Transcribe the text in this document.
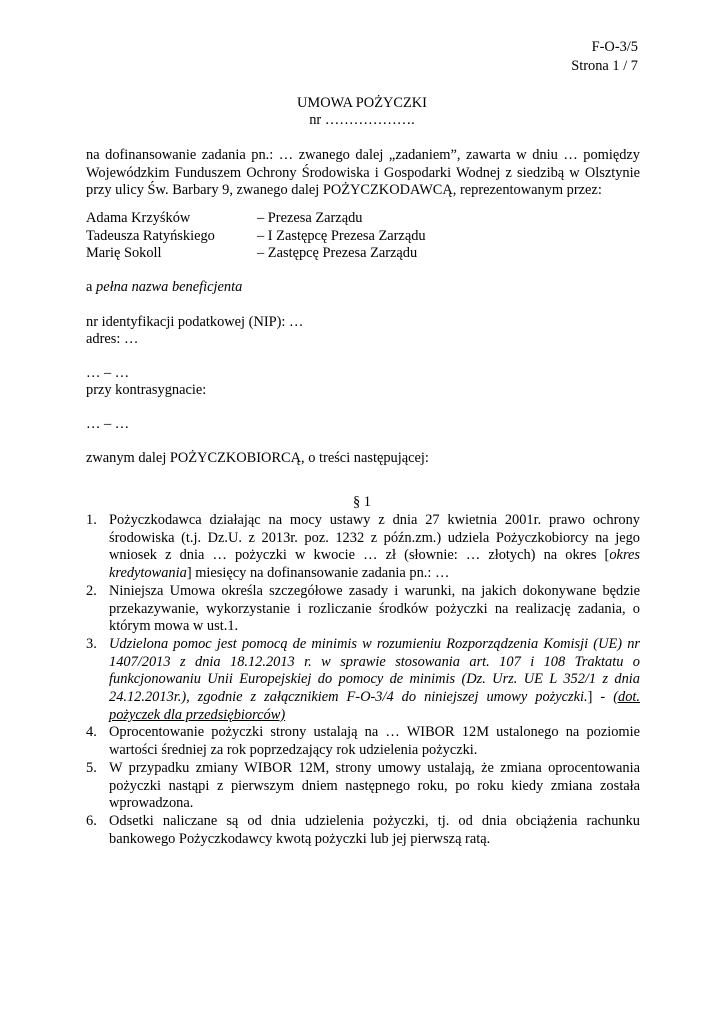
F-O-3/5
Strona 1 / 7
UMOWA POŻYCZKI
nr ……………….
na dofinansowanie zadania pn.: … zwanego dalej „zadaniem”, zawarta w dniu … pomiędzy
Wojewódzkim Funduszem Ochrony Środowiska i Gospodarki Wodnej z siedzibą w Olsztynie
przy ulicy Św. Barbary 9, zwanego dalej POŻYCZKODAWCĄ, reprezentowanym przez:
Adama Krzyśków	– Prezesa Zarządu
Tadeusza Ratyńskiego	– I Zastępcę Prezesa Zarządu
Marię Sokoll	– Zastępcę Prezesa Zarządu
a pełna nazwa beneficjenta
nr identyfikacji podatkowej (NIP): …
adres: …
… – …
przy kontrasygnacie:
… – …
zwanym dalej POŻYCZKOBIORCĄ, o treści następującej:
§ 1
1. Pożyczkodawca działając na mocy ustawy z dnia 27 kwietnia 2001r. prawo ochrony środowiska (t.j. Dz.U. z 2013r. poz. 1232 z późn.zm.) udziela Pożyczkobiorcy na jego wniosek z dnia … pożyczki w kwocie … zł (słownie: … złotych) na okres [okres kredytowania] miesięcy na dofinansowanie zadania pn.: …
2. Niniejsza Umowa określa szczegółowe zasady i warunki, na jakich dokonywane będzie przekazywanie, wykorzystanie i rozliczanie środków pożyczki na realizację zadania, o którym mowa w ust.1.
3. Udzielona pomoc jest pomocą de minimis w rozumieniu Rozporządzenia Komisji (UE) nr 1407/2013 z dnia 18.12.2013 r. w sprawie stosowania art. 107 i 108 Traktatu o funkcjonowaniu Unii Europejskiej do pomocy de minimis (Dz. Urz. UE L 352/1 z dnia 24.12.2013r.), zgodnie z załącznikiem F-O-3/4 do niniejszej umowy pożyczki.] - (dot. pożyczek dla przedsiębiorców)
4. Oprocentowanie pożyczki strony ustalają na … WIBOR 12M ustalonego na poziomie wartości średniej za rok poprzedzający rok udzielenia pożyczki.
5. W przypadku zmiany WIBOR 12M, strony umowy ustalają, że zmiana oprocentowania pożyczki nastąpi z pierwszym dniem następnego roku, po roku kiedy zmiana została wprowadzona.
6. Odsetki naliczane są od dnia udzielenia pożyczki, tj. od dnia obciążenia rachunku bankowego Pożyczkodawcy kwotą pożyczki lub jej pierwszą ratą.
